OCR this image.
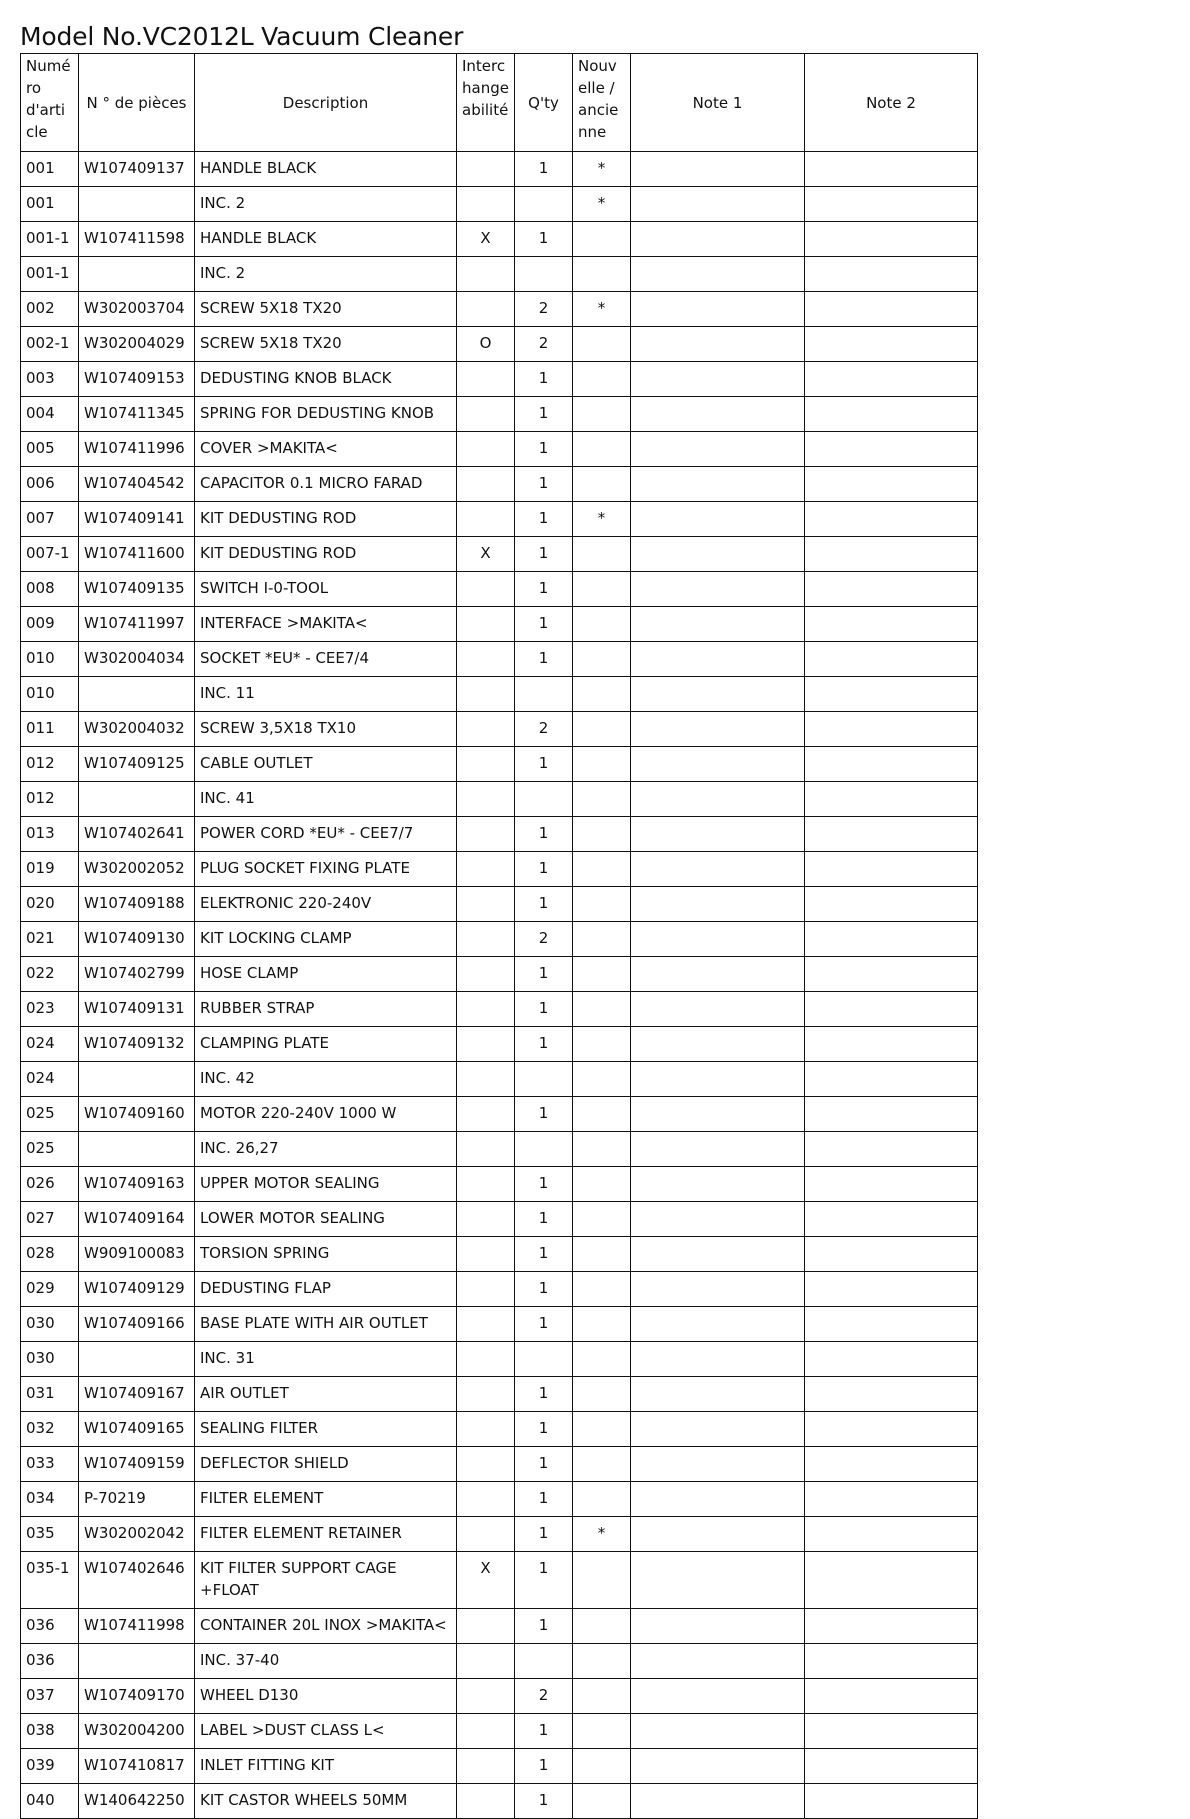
Model No.VC2012L Vacuum Cleaner
Numéro d'article	N ° de pièces	Description	Interchangeabilité	Q'ty	Nouvelle / ancienne	Note 1	Note 2
001	W107409137	HANDLE BLACK		1	*		
001		INC. 2			*		
001-1	W107411598	HANDLE BLACK	X	1			
001-1		INC. 2					
002	W302003704	SCREW 5X18 TX20		2	*		
002-1	W302004029	SCREW 5X18 TX20	O	2			
003	W107409153	DEDUSTING KNOB BLACK		1			
004	W107411345	SPRING FOR DEDUSTING KNOB		1			
005	W107411996	COVER >MAKITA<		1			
006	W107404542	CAPACITOR 0.1 MICRO FARAD		1			
007	W107409141	KIT DEDUSTING ROD		1	*		
007-1	W107411600	KIT DEDUSTING ROD	X	1			
008	W107409135	SWITCH I-0-TOOL		1			
009	W107411997	INTERFACE >MAKITA<		1			
010	W302004034	SOCKET *EU* - CEE7/4		1			
010		INC. 11					
011	W302004032	SCREW 3,5X18 TX10		2			
012	W107409125	CABLE OUTLET		1			
012		INC. 41					
013	W107402641	POWER CORD *EU* - CEE7/7		1			
019	W302002052	PLUG SOCKET FIXING PLATE		1			
020	W107409188	ELEKTRONIC 220-240V		1			
021	W107409130	KIT LOCKING CLAMP		2			
022	W107402799	HOSE CLAMP		1			
023	W107409131	RUBBER STRAP		1			
024	W107409132	CLAMPING PLATE		1			
024		INC. 42					
025	W107409160	MOTOR 220-240V 1000 W		1			
025		INC. 26,27					
026	W107409163	UPPER MOTOR SEALING		1			
027	W107409164	LOWER MOTOR SEALING		1			
028	W909100083	TORSION SPRING		1			
029	W107409129	DEDUSTING FLAP		1			
030	W107409166	BASE PLATE WITH AIR OUTLET		1			
030		INC. 31					
031	W107409167	AIR OUTLET		1			
032	W107409165	SEALING FILTER		1			
033	W107409159	DEFLECTOR SHIELD		1			
034	P-70219	FILTER ELEMENT		1			
035	W302002042	FILTER ELEMENT RETAINER		1	*		
035-1	W107402646	KIT FILTER SUPPORT CAGE +FLOAT	X	1			
036	W107411998	CONTAINER 20L INOX >MAKITA<		1			
036		INC. 37-40					
037	W107409170	WHEEL D130		2			
038	W302004200	LABEL >DUST CLASS L<		1			
039	W107410817	INLET FITTING KIT		1			
040	W140642250	KIT CASTOR WHEELS 50MM		1			
